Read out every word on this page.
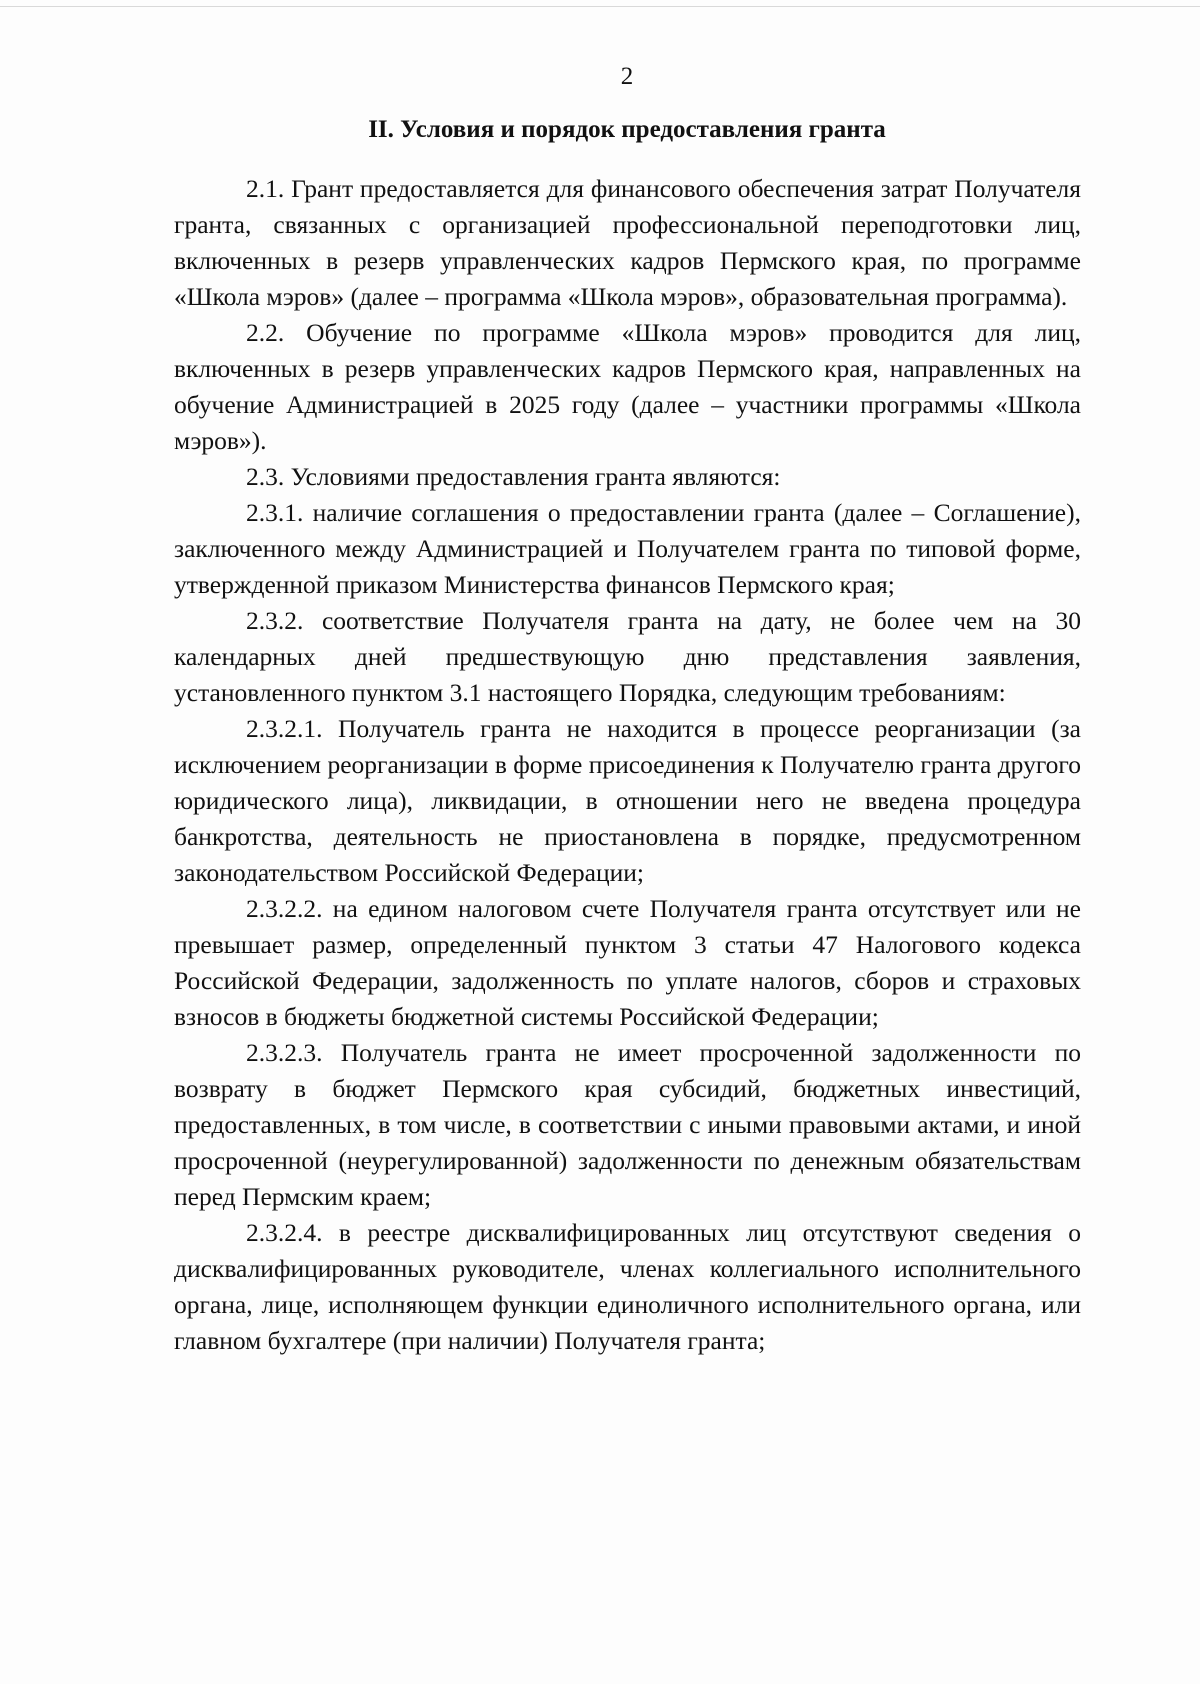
2
II. Условия и порядок предоставления гранта

2.1. Грант предоставляется для финансового обеспечения затрат Получателя гранта, связанных с организацией профессиональной переподготовки лиц, включенных в резерв управленческих кадров Пермского края, по программе «Школа мэров» (далее – программа «Школа мэров», образовательная программа).

2.2. Обучение по программе «Школа мэров» проводится для лиц, включенных в резерв управленческих кадров Пермского края, направленных на обучение Администрацией в 2025 году (далее – участники программы «Школа мэров»).

2.3. Условиями предоставления гранта являются:

2.3.1. наличие соглашения о предоставлении гранта (далее – Соглашение), заключенного между Администрацией и Получателем гранта по типовой форме, утвержденной приказом Министерства финансов Пермского края;

2.3.2. соответствие Получателя гранта на дату, не более чем на 30 календарных дней предшествующую дню представления заявления, установленного пунктом 3.1 настоящего Порядка, следующим требованиям:

2.3.2.1. Получатель гранта не находится в процессе реорганизации (за исключением реорганизации в форме присоединения к Получателю гранта другого юридического лица), ликвидации, в отношении него не введена процедура банкротства, деятельность не приостановлена в порядке, предусмотренном законодательством Российской Федерации;

2.3.2.2. на едином налоговом счете Получателя гранта отсутствует или не превышает размер, определенный пунктом 3 статьи 47 Налогового кодекса Российской Федерации, задолженность по уплате налогов, сборов и страховых взносов в бюджеты бюджетной системы Российской Федерации;

2.3.2.3. Получатель гранта не имеет просроченной задолженности по возврату в бюджет Пермского края субсидий, бюджетных инвестиций, предоставленных, в том числе, в соответствии с иными правовыми актами, и иной просроченной (неурегулированной) задолженности по денежным обязательствам перед Пермским краем;

2.3.2.4. в реестре дисквалифицированных лиц отсутствуют сведения о дисквалифицированных руководителе, членах коллегиального исполнительного органа, лице, исполняющем функции единоличного исполнительного органа, или главном бухгалтере (при наличии) Получателя гранта;
